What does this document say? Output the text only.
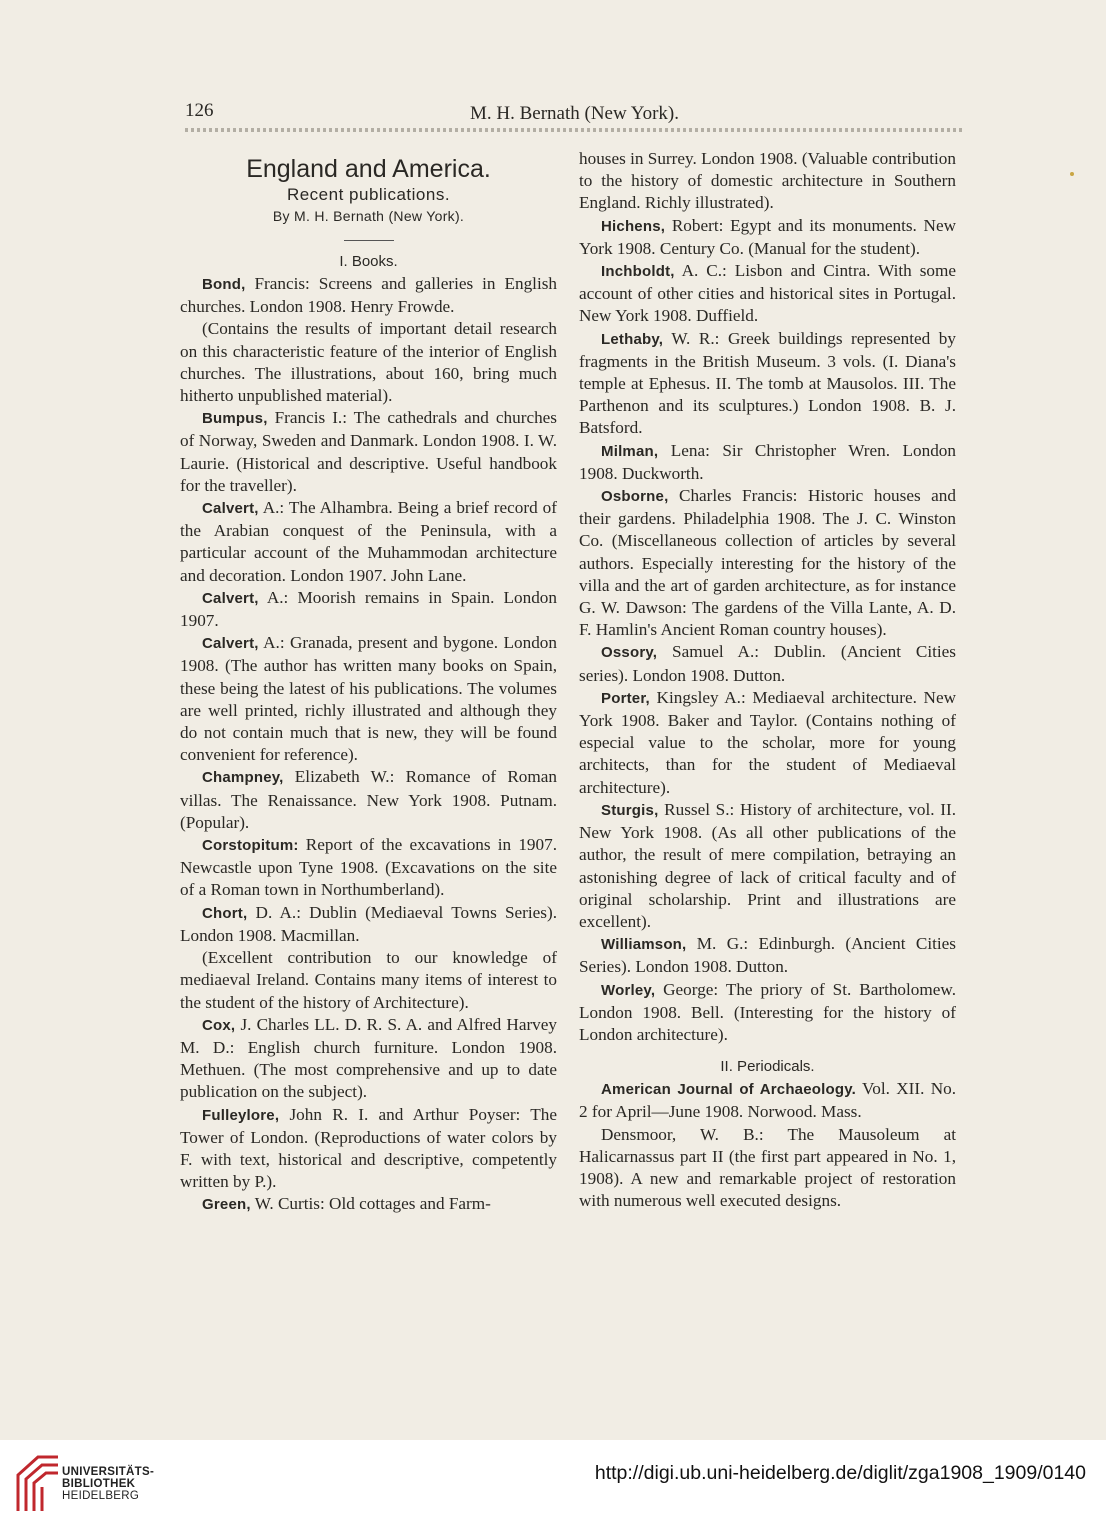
126	M. H. Bernath (New York).
England and America.
Recent publications.
By M. H. Bernath (New York).
I. Books.

Bond, Francis: Screens and galleries in English churches. London 1908. Henry Frowde.

(Contains the results of important detail research on this characteristic feature of the interior of English churches. The illustrations, about 160, bring much hitherto unpublished material).

Bumpus, Francis I.: The cathedrals and churches of Norway, Sweden and Danmark. London 1908. I. W. Laurie. (Historical and descriptive. Useful handbook for the traveller).

Calvert, A.: The Alhambra. Being a brief record of the Arabian conquest of the Peninsula, with a particular account of the Muhammodan architecture and decoration. London 1907. John Lane.

Calvert, A.: Moorish remains in Spain. London 1907.

Calvert, A.: Granada, present and bygone. London 1908. (The author has written many books on Spain, these being the latest of his publications. The volumes are well printed, richly illustrated and although they do not contain much that is new, they will be found convenient for reference).

Champney, Elizabeth W.: Romance of Roman villas. The Renaissance. New York 1908. Putnam. (Popular).

Corstopitum: Report of the excavations in 1907. Newcastle upon Tyne 1908. (Excavations on the site of a Roman town in Northumberland).

Chort, D. A.: Dublin (Mediaeval Towns Series). London 1908. Macmillan.

(Excellent contribution to our knowledge of mediaeval Ireland. Contains many items of interest to the student of the history of Architecture).

Cox, J. Charles LL. D. R. S. A. and Alfred Harvey M. D.: English church furniture. London 1908. Methuen. (The most comprehensive and up to date publication on the subject).

Fulleylore, John R. I. and Arthur Poyser: The Tower of London. (Reproductions of water colors by F. with text, historical and descriptive, competently written by P.).

Green, W. Curtis: Old cottages and Farm-

houses in Surrey. London 1908. (Valuable contribution to the history of domestic architecture in Southern England. Richly illustrated).

Hichens, Robert: Egypt and its monuments. New York 1908. Century Co. (Manual for the student).

Inchboldt, A. C.: Lisbon and Cintra. With some account of other cities and historical sites in Portugal. New York 1908. Duffield.

Lethaby, W. R.: Greek buildings represented by fragments in the British Museum. 3 vols. (I. Diana's temple at Ephesus. II. The tomb at Mausolos. III. The Parthenon and its sculptures.) London 1908. B. J. Batsford.

Milman, Lena: Sir Christopher Wren. London 1908. Duckworth.

Osborne, Charles Francis: Historic houses and their gardens. Philadelphia 1908. The J. C. Winston Co. (Miscellaneous collection of articles by several authors. Especially interesting for the history of the villa and the art of garden architecture, as for instance G. W. Dawson: The gardens of the Villa Lante, A. D. F. Hamlin's Ancient Roman country houses).

Ossory, Samuel A.: Dublin. (Ancient Cities series). London 1908. Dutton.

Porter, Kingsley A.: Mediaeval architecture. New York 1908. Baker and Taylor. (Contains nothing of especial value to the scholar, more for young architects, than for the student of Mediaeval architecture).

Sturgis, Russel S.: History of architecture, vol. II. New York 1908. (As all other publications of the author, the result of mere compilation, betraying an astonishing degree of lack of critical faculty and of original scholarship. Print and illustrations are excellent).

Williamson, M. G.: Edinburgh. (Ancient Cities Series). London 1908. Dutton.

Worley, George: The priory of St. Bartholomew. London 1908. Bell. (Interesting for the history of London architecture).

II. Periodicals.

American Journal of Archaeology. Vol. XII. No. 2 for April—June 1908. Norwood. Mass.

Densmoor, W. B.: The Mausoleum at Halicarnassus part II (the first part appeared in No. 1, 1908). A new and remarkable project of restoration with numerous well executed designs.

UNIVERSITÄTS-
BIBLIOTHEK
HEIDELBERG
http://digi.ub.uni-heidelberg.de/diglit/zga1908_1909/0140
